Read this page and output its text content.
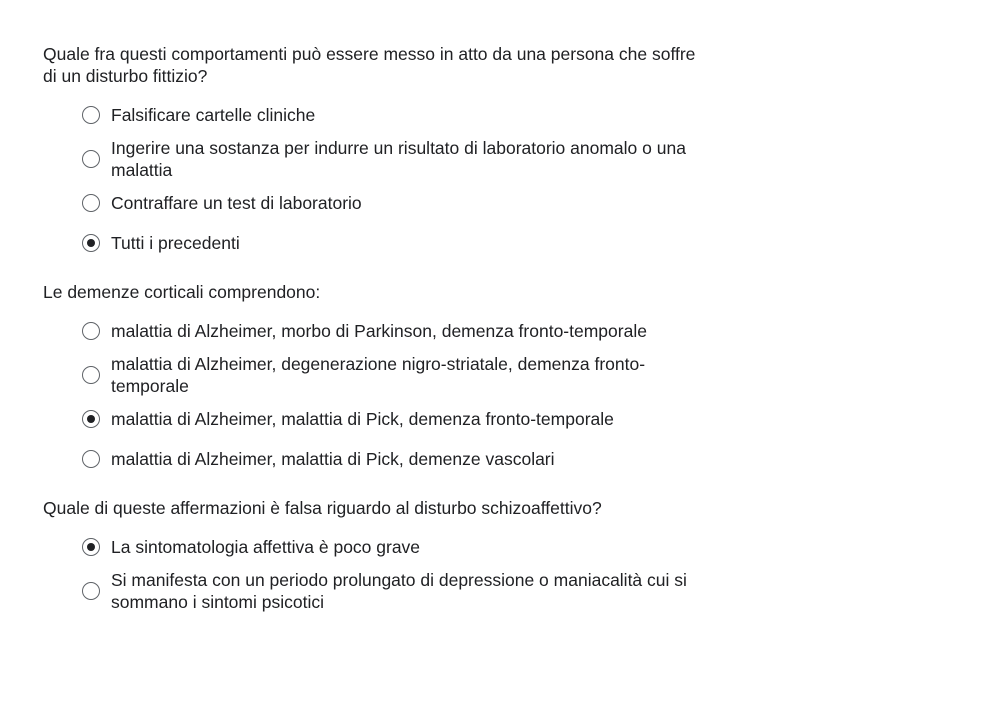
Quale fra questi comportamenti può essere messo in atto da una persona che soffre di un disturbo fittizio?
Falsificare cartelle cliniche
Ingerire una sostanza per indurre un risultato di laboratorio anomalo o una malattia
Contraffare un test di laboratorio
Tutti i precedenti
Le demenze corticali comprendono:
malattia di Alzheimer, morbo di Parkinson, demenza fronto-temporale
malattia di Alzheimer, degenerazione nigro-striatale, demenza fronto-temporale
malattia di Alzheimer, malattia di Pick, demenza fronto-temporale
malattia di Alzheimer, malattia di Pick, demenze vascolari
Quale di queste affermazioni è falsa riguardo al disturbo schizoaffettivo?
La sintomatologia affettiva è poco grave
Si manifesta con un periodo prolungato di depressione o maniacalità cui si sommano i sintomi psicotici
